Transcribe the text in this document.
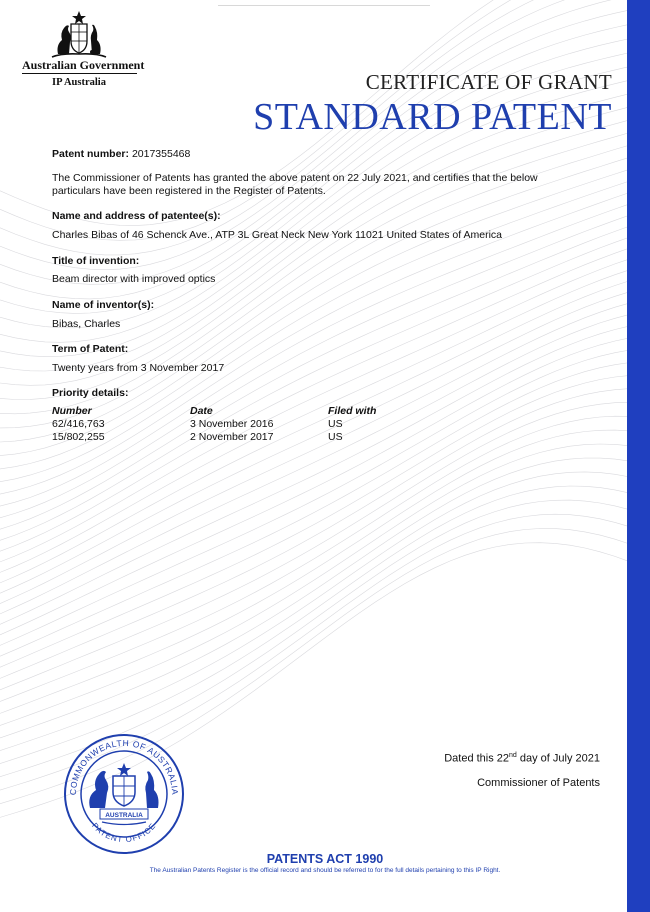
Australian Government
IP Australia	CERTIFICATE OF GRANT
STANDARD PATENT
Patent number: 2017355468
The Commissioner of Patents has granted the above patent on 22 July 2021, and certifies that the below particulars have been registered in the Register of Patents.
Name and address of patentee(s):
Charles Bibas of 46 Schenck Ave., ATP 3L Great Neck New York 11021 United States of America
Title of invention:
Beam director with improved optics
Name of inventor(s):
Bibas, Charles
Term of Patent:
Twenty years from 3 November 2017
Priority details:
Number	Date	Filed with
62/416,763	3 November 2016	US
15/802,255	2 November 2017	US
COMMONWEALTH OF AUSTRALIA
PATENT OFFICE
AUSTRALIA
Dated this 22nd day of July 2021
Commissioner of Patents
PATENTS ACT 1990
The Australian Patents Register is the official record and should be referred to for the full details pertaining to this IP Right.
